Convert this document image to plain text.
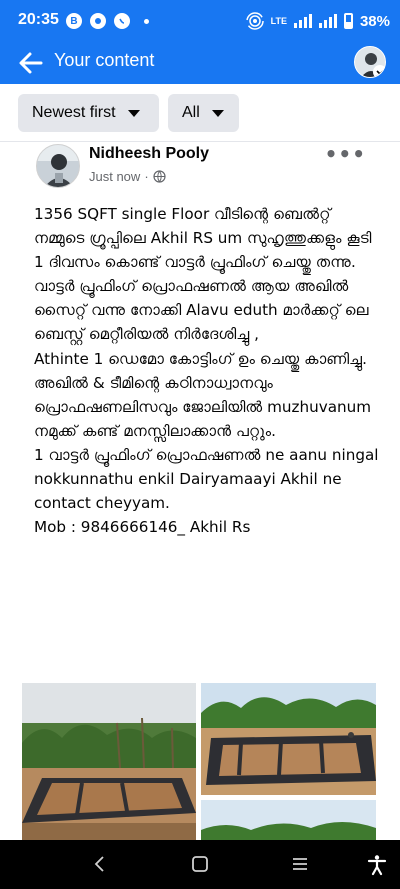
20:35	B	LTE	38%
Your content
Newest first	All
Nidheesh Pooly
Just now ·
•••

1356 SQFT single Floor വീടിന്റെ ബെൽറ്റ് നമ്മുടെ ഗ്രൂപ്പിലെ Akhil RS um സുഹൃത്തുക്കളും കൂടി 1 ദിവസം കൊണ്ട് വാട്ടർ പ്രൂഫിംഗ് ചെയ്തു തന്നു.

വാട്ടർ പ്രൂഫിംഗ് പ്രൊഫഷണൽ ആയ അഖിൽ സൈറ്റ് വന്നു നോക്കി Alavu eduth മാർക്കറ്റ് ലെ ബെസ്റ്റ് മെറ്റീരിയൽ നിർദേശിച്ചു ,

Athinte 1 ഡെമോ കോട്ടിംഗ് ഉം ചെയ്തു കാണിച്ചു.

അഖിൽ & ടീമിന്റെ കഠിനാധ്വാനവും പ്രൊഫഷണലിസവും ജോലിയിൽ muzhuvanum നമുക്ക് കണ്ട് മനസ്സിലാക്കാൻ പറ്റും.

1 വാട്ടർ പ്രൂഫിംഗ് പ്രൊഫഷണൽ ne aanu ningal nokkunnathu enkil Dairyamaayi Akhil ne contact cheyyam.

Mob : 9846666146_ Akhil Rs
